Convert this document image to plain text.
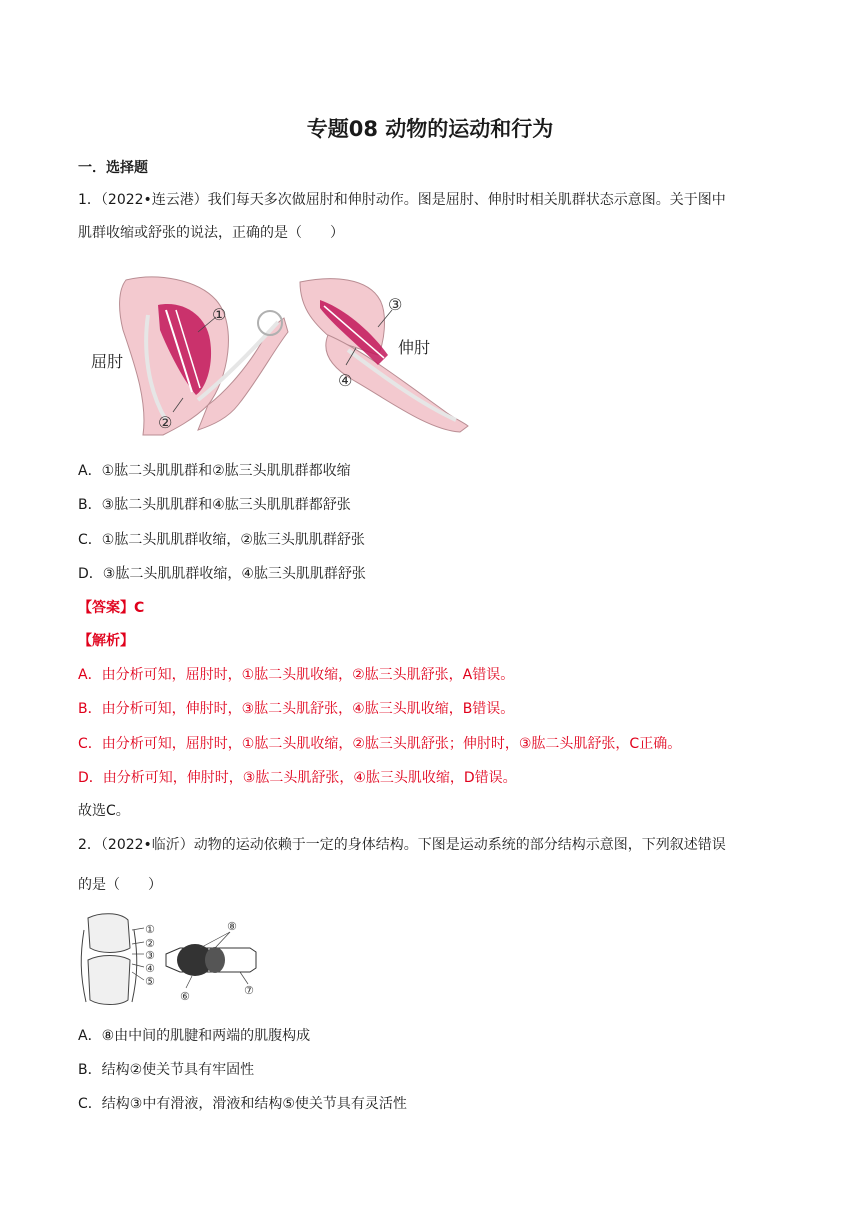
专题08 动物的运动和行为
一．选择题
1．（2022•连云港）我们每天多次做屈肘和伸肘动作。图是屈肘、伸肘时相关肌群状态示意图。关于图中
肌群收缩或舒张的说法，正确的是（　　）
①
②
屈肘
③
④
伸肘
A．①肱二头肌肌群和②肱三头肌肌群都收缩
B．③肱二头肌肌群和④肱三头肌肌群都舒张
C．①肱二头肌肌群收缩，②肱三头肌肌群舒张
D．③肱二头肌肌群收缩，④肱三头肌肌群舒张
【答案】C
【解析】
A．由分析可知，屈肘时，①肱二头肌收缩，②肱三头肌舒张，A错误。
B．由分析可知，伸肘时，③肱二头肌舒张，④肱三头肌收缩，B错误。
C．由分析可知，屈肘时，①肱二头肌收缩，②肱三头肌舒张；伸肘时，③肱二头肌舒张，C正确。
D．由分析可知，伸肘时，③肱二头肌舒张，④肱三头肌收缩，D错误。
故选C。
2．（2022•临沂）动物的运动依赖于一定的身体结构。下图是运动系统的部分结构示意图，下列叙述错误
的是（　　）
①
②
③
④
⑤
⑥	⑦
⑧
A．⑧由中间的肌腱和两端的肌腹构成
B．结构②使关节具有牢固性
C．结构③中有滑液，滑液和结构⑤使关节具有灵活性
